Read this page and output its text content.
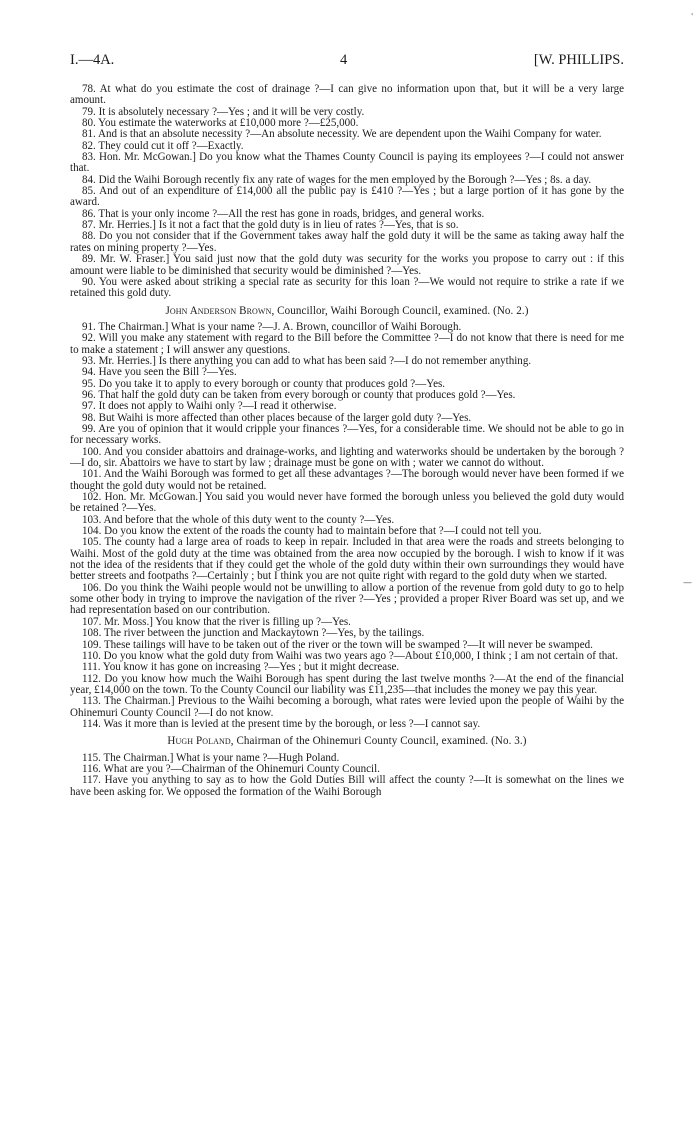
I.—4A.	4	[W. PHILLIPS.

78. At what do you estimate the cost of drainage ?—I can give no information upon that, but it will be a very large amount.

79. It is absolutely necessary ?—Yes ; and it will be very costly.

80. You estimate the waterworks at £10,000 more ?—£25,000.

81. And is that an absolute necessity ?—An absolute necessity. We are dependent upon the Waihi Company for water.

82. They could cut it off ?—Exactly.

83. Hon. Mr. McGowan.] Do you know what the Thames County Council is paying its employees ?—I could not answer that.

84. Did the Waihi Borough recently fix any rate of wages for the men employed by the Borough ?—Yes ; 8s. a day.

85. And out of an expenditure of £14,000 all the public pay is £410 ?—Yes ; but a large portion of it has gone by the award.

86. That is your only income ?—All the rest has gone in roads, bridges, and general works.

87. Mr. Herries.] Is it not a fact that the gold duty is in lieu of rates ?—Yes, that is so.

88. Do you not consider that if the Government takes away half the gold duty it will be the same as taking away half the rates on mining property ?—Yes.

89. Mr. W. Fraser.] You said just now that the gold duty was security for the works you propose to carry out : if this amount were liable to be diminished that security would be diminished ?—Yes.

90. You were asked about striking a special rate as security for this loan ?—We would not require to strike a rate if we retained this gold duty.

John Anderson Brown, Councillor, Waihi Borough Council, examined. (No. 2.)

91. The Chairman.] What is your name ?—J. A. Brown, councillor of Waihi Borough.

92. Will you make any statement with regard to the Bill before the Committee ?—I do not know that there is need for me to make a statement ; I will answer any questions.

93. Mr. Herries.] Is there anything you can add to what has been said ?—I do not remember anything.

94. Have you seen the Bill ?—Yes.

95. Do you take it to apply to every borough or county that produces gold ?—Yes.

96. That half the gold duty can be taken from every borough or county that produces gold ?—Yes.

97. It does not apply to Waihi only ?—I read it otherwise.

98. But Waihi is more affected than other places because of the larger gold duty ?—Yes.

99. Are you of opinion that it would cripple your finances ?—Yes, for a considerable time. We should not be able to go in for necessary works.

100. And you consider abattoirs and drainage-works, and lighting and waterworks should be undertaken by the borough ?—I do, sir. Abattoirs we have to start by law ; drainage must be gone on with ; water we cannot do without.

101. And the Waihi Borough was formed to get all these advantages ?—The borough would never have been formed if we thought the gold duty would not be retained.

102. Hon. Mr. McGowan.] You said you would never have formed the borough unless you believed the gold duty would be retained ?—Yes.

103. And before that the whole of this duty went to the county ?—Yes.

104. Do you know the extent of the roads the county had to maintain before that ?—I could not tell you.

105. The county had a large area of roads to keep in repair. Included in that area were the roads and streets belonging to Waihi. Most of the gold duty at the time was obtained from the area now occupied by the borough. I wish to know if it was not the idea of the residents that if they could get the whole of the gold duty within their own surroundings they would have better streets and footpaths ?—Certainly ; but I think you are not quite right with regard to the gold duty when we started.

106. Do you think the Waihi people would not be unwilling to allow a portion of the revenue from gold duty to go to help some other body in trying to improve the navigation of the river ?—Yes ; provided a proper River Board was set up, and we had representation based on our contribution.

107. Mr. Moss.] You know that the river is filling up ?—Yes.

108. The river between the junction and Mackaytown ?—Yes, by the tailings.

109. These tailings will have to be taken out of the river or the town will be swamped ?—It will never be swamped.

110. Do you know what the gold duty from Waihi was two years ago ?—About £10,000, I think ; I am not certain of that.

111. You know it has gone on increasing ?—Yes ; but it might decrease.

112. Do you know how much the Waihi Borough has spent during the last twelve months ?—At the end of the financial year, £14,000 on the town. To the County Council our liability was £11,235—that includes the money we pay this year.

113. The Chairman.] Previous to the Waihi becoming a borough, what rates were levied upon the people of Waihi by the Ohinemuri County Council ?—I do not know.

114. Was it more than is levied at the present time by the borough, or less ?—I cannot say.

Hugh Poland, Chairman of the Ohinemuri County Council, examined. (No. 3.)

115. The Chairman.] What is your name ?—Hugh Poland.

116. What are you ?—Chairman of the Ohinemuri County Council.

117. Have you anything to say as to how the Gold Duties Bill will affect the county ?—It is somewhat on the lines we have been asking for. We opposed the formation of the Waihi Borough

'
—
